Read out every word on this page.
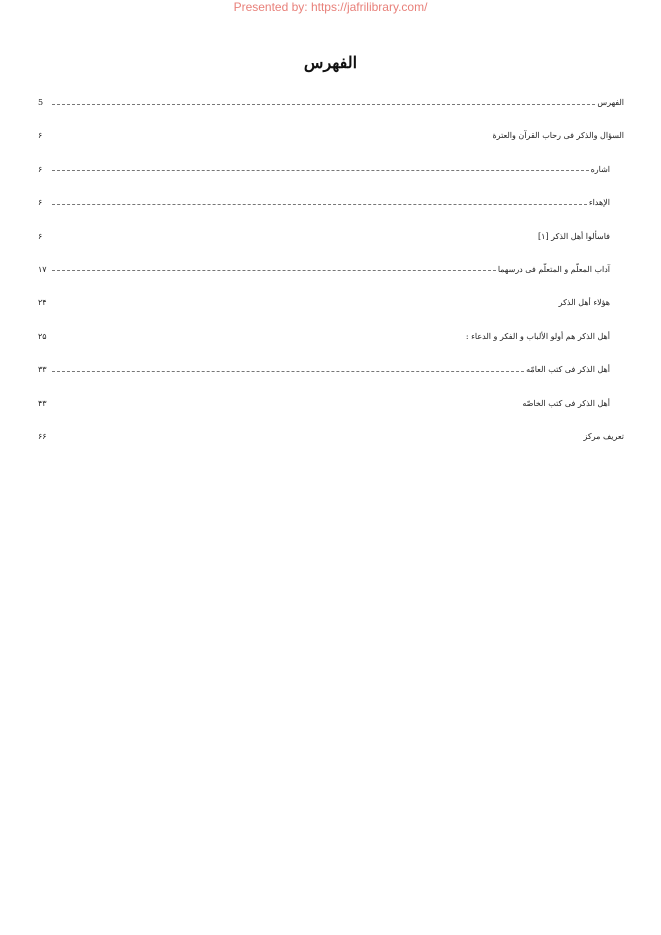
Presented by: https://jafrilibrary.com/
الفهرس
الفهرس
5
السؤال والذكر فى رحاب القرآن والعترة
۶
اشاره
۶
الإهداء
۶
فاسألوا أهل الذكر [۱]
۶
آداب المعلّم و المتعلّم فى درسهما
۱۷
هؤلاء أهل الذكر
۲۴
أهل الذكر هم أولو الألباب و الفكر و الدعاء :
۲۵
أهل الذكر فى كتب العامّه
۳۳
أهل الذكر فى كتب الخاصّه
۴۳
تعريف مركز
۶۶
